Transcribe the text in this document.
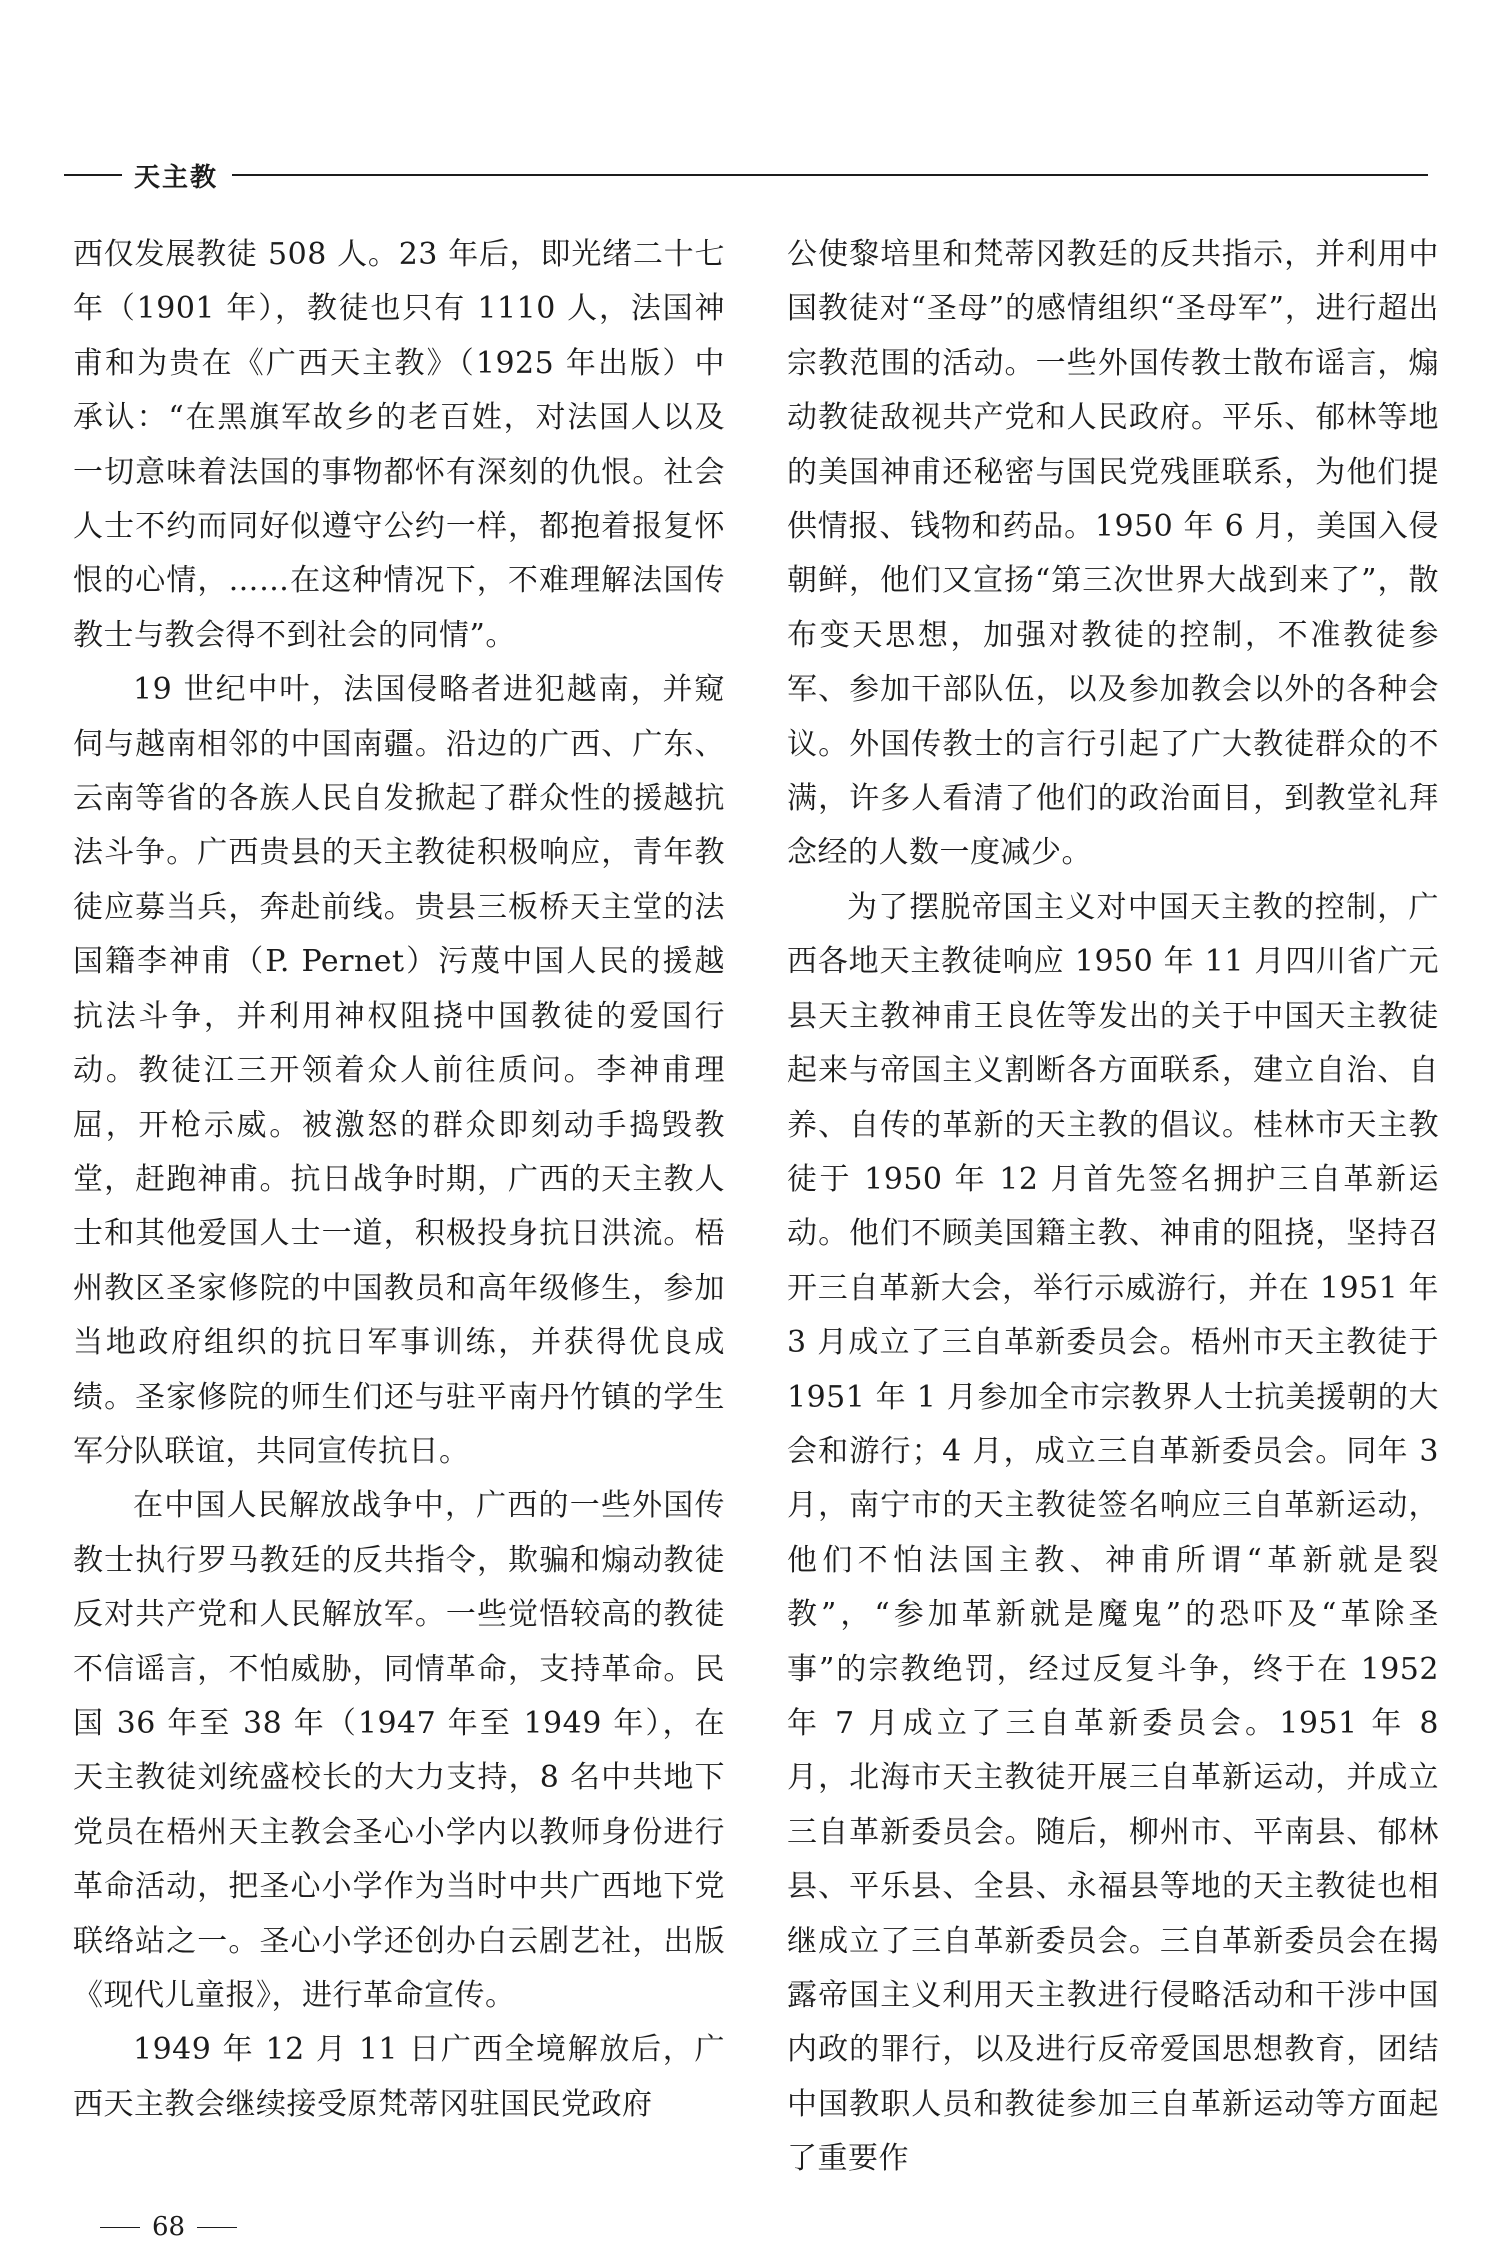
天主教

西仅发展教徒 508 人。23 年后，即光绪二十七年（1901 年），教徒也只有 1110 人，法国神甫和为贵在《广西天主教》（1925 年出版）中承认：“在黑旗军故乡的老百姓，对法国人以及一切意味着法国的事物都怀有深刻的仇恨。社会人士不约而同好似遵守公约一样，都抱着报复怀恨的心情，……在这种情况下，不难理解法国传教士与教会得不到社会的同情”。

19 世纪中叶，法国侵略者进犯越南，并窥伺与越南相邻的中国南疆。沿边的广西、广东、云南等省的各族人民自发掀起了群众性的援越抗法斗争。广西贵县的天主教徒积极响应，青年教徒应募当兵，奔赴前线。贵县三板桥天主堂的法国籍李神甫（P. Pernet）污蔑中国人民的援越抗法斗争，并利用神权阻挠中国教徒的爱国行动。教徒江三开领着众人前往质问。李神甫理屈，开枪示威。被激怒的群众即刻动手捣毁教堂，赶跑神甫。抗日战争时期，广西的天主教人士和其他爱国人士一道，积极投身抗日洪流。梧州教区圣家修院的中国教员和高年级修生，参加当地政府组织的抗日军事训练，并获得优良成绩。圣家修院的师生们还与驻平南丹竹镇的学生军分队联谊，共同宣传抗日。

在中国人民解放战争中，广西的一些外国传教士执行罗马教廷的反共指令，欺骗和煽动教徒反对共产党和人民解放军。一些觉悟较高的教徒不信谣言，不怕威胁，同情革命，支持革命。民国 36 年至 38 年（1947 年至 1949 年），在天主教徒刘统盛校长的大力支持，8 名中共地下党员在梧州天主教会圣心小学内以教师身份进行革命活动，把圣心小学作为当时中共广西地下党联络站之一。圣心小学还创办白云剧艺社，出版《现代儿童报》，进行革命宣传。

1949 年 12 月 11 日广西全境解放后，广西天主教会继续接受原梵蒂冈驻国民党政府

公使黎培里和梵蒂冈教廷的反共指示，并利用中国教徒对“圣母”的感情组织“圣母军”，进行超出宗教范围的活动。一些外国传教士散布谣言，煽动教徒敌视共产党和人民政府。平乐、郁林等地的美国神甫还秘密与国民党残匪联系，为他们提供情报、钱物和药品。1950 年 6 月，美国入侵朝鲜，他们又宣扬“第三次世界大战到来了”，散布变天思想，加强对教徒的控制，不准教徒参军、参加干部队伍，以及参加教会以外的各种会议。外国传教士的言行引起了广大教徒群众的不满，许多人看清了他们的政治面目，到教堂礼拜念经的人数一度减少。

为了摆脱帝国主义对中国天主教的控制，广西各地天主教徒响应 1950 年 11 月四川省广元县天主教神甫王良佐等发出的关于中国天主教徒起来与帝国主义割断各方面联系，建立自治、自养、自传的革新的天主教的倡议。桂林市天主教徒于 1950 年 12 月首先签名拥护三自革新运动。他们不顾美国籍主教、神甫的阻挠，坚持召开三自革新大会，举行示威游行，并在 1951 年 3 月成立了三自革新委员会。梧州市天主教徒于 1951 年 1 月参加全市宗教界人士抗美援朝的大会和游行；4 月，成立三自革新委员会。同年 3 月，南宁市的天主教徒签名响应三自革新运动，他们不怕法国主教、神甫所谓“革新就是裂教”，“参加革新就是魔鬼”的恐吓及“革除圣事”的宗教绝罚，经过反复斗争，终于在 1952 年 7 月成立了三自革新委员会。1951 年 8 月，北海市天主教徒开展三自革新运动，并成立三自革新委员会。随后，柳州市、平南县、郁林县、平乐县、全县、永福县等地的天主教徒也相继成立了三自革新委员会。三自革新委员会在揭露帝国主义利用天主教进行侵略活动和干涉中国内政的罪行，以及进行反帝爱国思想教育，团结中国教职人员和教徒参加三自革新运动等方面起了重要作

68
